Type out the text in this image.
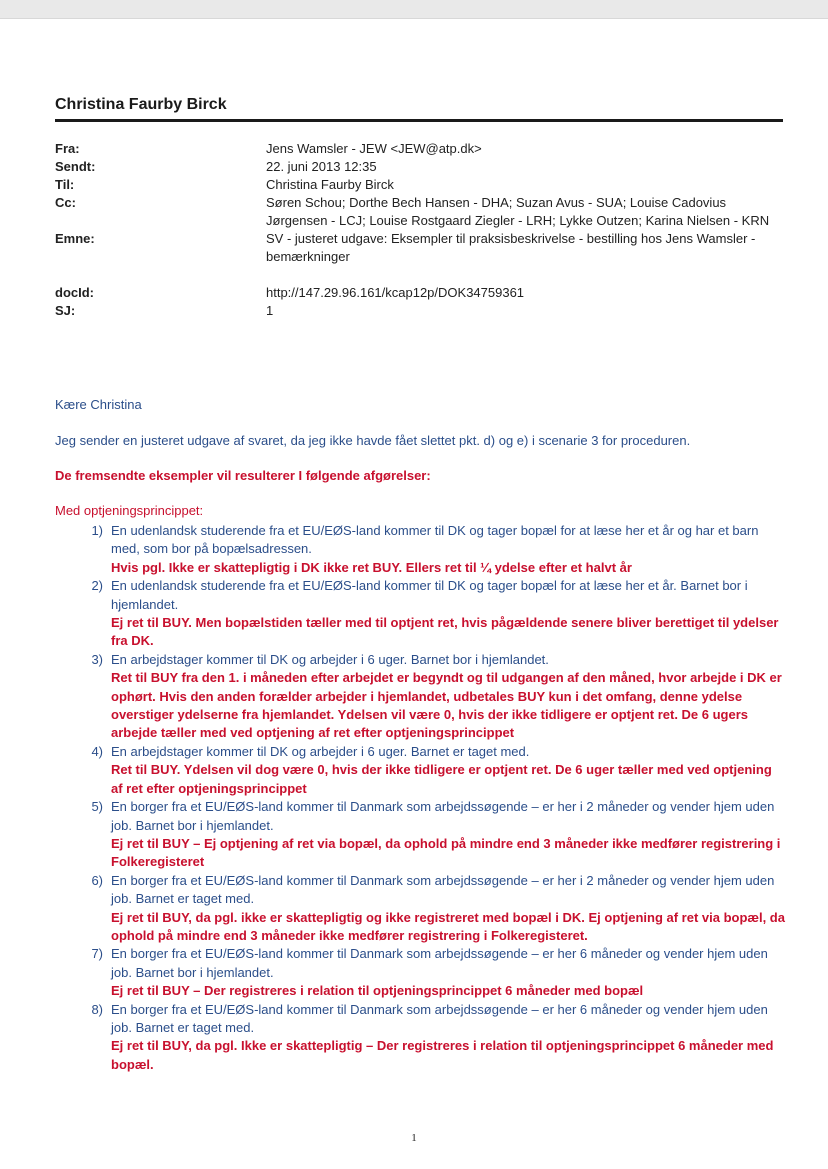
Christina Faurby Birck
Fra:	Jens Wamsler - JEW <JEW@atp.dk>
Sendt:	22. juni 2013 12:35
Til:	Christina Faurby Birck
Cc:	Søren Schou; Dorthe Bech Hansen - DHA; Suzan Avus - SUA; Louise Cadovius Jørgensen - LCJ; Louise Rostgaard Ziegler - LRH; Lykke Outzen; Karina Nielsen - KRN
Emne:	SV - justeret udgave: Eksempler til praksisbeskrivelse - bestilling hos Jens Wamsler - bemærkninger
docId:	http://147.29.96.161/kcap12p/DOK34759361
SJ:	1
Kære Christina
Jeg sender en justeret udgave af svaret, da jeg ikke havde fået slettet pkt. d) og e) i scenarie 3 for proceduren.
De fremsendte eksempler vil resulterer I følgende afgørelser:
Med optjeningsprincippet:
1) En udenlandsk studerende fra et EU/EØS-land kommer til DK og tager bopæl for at læse her et år og har et barn med, som bor på bopælsadressen.
Hvis pgl. Ikke er skattepligtig i DK ikke ret BUY. Ellers ret til ¼ ydelse efter et halvt år
2) En udenlandsk studerende fra et EU/EØS-land kommer til DK og tager bopæl for at læse her et år. Barnet bor i hjemlandet.
Ej ret til BUY. Men bopælstiden tæller med til optjent ret, hvis pågældende senere bliver berettiget til ydelser fra DK.
3) En arbejdstager kommer til DK og arbejder i 6 uger. Barnet bor i hjemlandet.
Ret til BUY fra den 1. i måneden efter arbejdet er begyndt og til udgangen af den måned, hvor arbejde i DK er ophørt. Hvis den anden forælder arbejder i hjemlandet, udbetales BUY kun i det omfang, denne ydelse overstiger ydelserne fra hjemlandet. Ydelsen vil være 0, hvis der ikke tidligere er optjent ret. De 6 ugers arbejde tæller med ved optjening af ret efter optjeningsprincippet
4) En arbejdstager kommer til DK og arbejder i 6 uger. Barnet er taget med.
Ret til BUY. Ydelsen vil dog være 0, hvis der ikke tidligere er optjent ret. De 6 uger tæller med ved optjening af ret efter optjeningsprincippet
5) En borger fra et EU/EØS-land kommer til Danmark som arbejdssøgende – er her i 2 måneder og vender hjem uden job. Barnet bor i hjemlandet.
Ej ret til BUY – Ej optjening af ret via bopæl, da ophold på mindre end 3 måneder ikke medfører registrering i Folkeregisteret
6) En borger fra et EU/EØS-land kommer til Danmark som arbejdssøgende – er her i 2 måneder og vender hjem uden job. Barnet er taget med.
Ej ret til BUY, da pgl. ikke er skattepligtig og ikke registreret med bopæl i DK. Ej optjening af ret via bopæl, da ophold på mindre end 3 måneder ikke medfører registrering i Folkeregisteret.
7) En borger fra et EU/EØS-land kommer til Danmark som arbejdssøgende – er her 6 måneder og vender hjem uden job. Barnet bor i hjemlandet.
Ej ret til BUY – Der registreres i relation til optjeningsprincippet 6 måneder med bopæl
8) En borger fra et EU/EØS-land kommer til Danmark som arbejdssøgende – er her 6 måneder og vender hjem uden job. Barnet er taget med.
Ej ret til BUY, da pgl. Ikke er skattepligtig – Der registreres i relation til optjeningsprincippet 6 måneder med bopæl.
1
